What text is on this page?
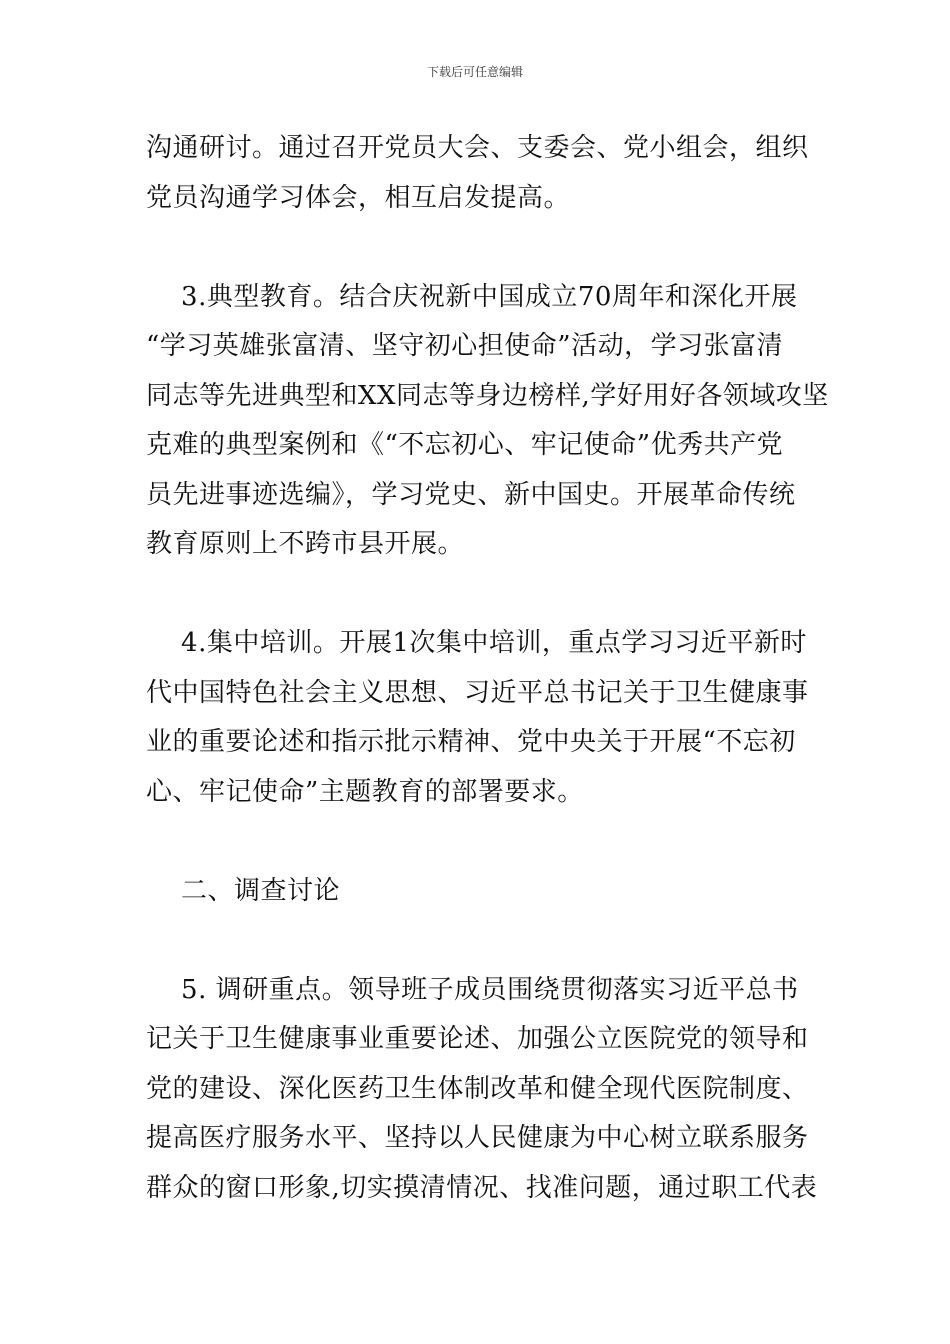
下载后可任意编辑
沟通研讨。通过召开党员大会、支委会、党小组会，组织
党员沟通学习体会，相互启发提高。
3.典型教育。结合庆祝新中国成立70周年和深化开展
“学习英雄张富清、坚守初心担使命”活动，学习张富清
同志等先进典型和XX同志等身边榜样,学好用好各领域攻坚
克难的典型案例和《“不忘初心、牢记使命”优秀共产党
员先进事迹选编》，学习党史、新中国史。开展革命传统
教育原则上不跨市县开展。
4.集中培训。开展1次集中培训，重点学习习近平新时
代中国特色社会主义思想、习近平总书记关于卫生健康事
业的重要论述和指示批示精神、党中央关于开展“不忘初
心、牢记使命”主题教育的部署要求。
二、调查讨论
5. 调研重点。领导班子成员围绕贯彻落实习近平总书
记关于卫生健康事业重要论述、加强公立医院党的领导和
党的建设、深化医药卫生体制改革和健全现代医院制度、
提高医疗服务水平、坚持以人民健康为中心树立联系服务
群众的窗口形象,切实摸清情况、找准问题，通过职工代表
